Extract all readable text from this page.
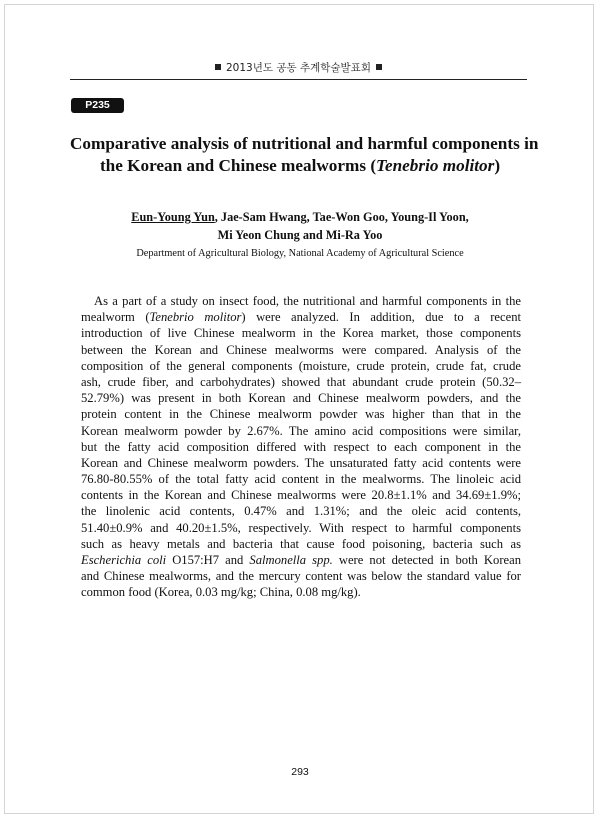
2013년도 공동 추계학술발표회
P235
Comparative analysis of nutritional and harmful components in
the Korean and Chinese mealworms (Tenebrio molitor)
Eun-Young Yun, Jae-Sam Hwang, Tae-Won Goo, Young-Il Yoon,
Mi Yeon Chung and Mi-Ra Yoo
Department of Agricultural Biology, National Academy of Agricultural Science
As a part of a study on insect food, the nutritional and harmful components in the
mealworm (Tenebrio molitor) were analyzed. In addition, due to a recent
introduction of live Chinese mealworm in the Korea market, those components
between the Korean and Chinese mealworms were compared. Analysis of the
composition of the general components (moisture, crude protein, crude fat, crude
ash, crude fiber, and carbohydrates) showed that abundant crude protein (50.32–
52.79%) was present in both Korean and Chinese mealworm powders, and the
protein content in the Chinese mealworm powder was higher than that in the
Korean mealworm powder by 2.67%. The amino acid compositions were similar,
but the fatty acid composition differed with respect to each component in the
Korean and Chinese mealworm powders. The unsaturated fatty acid contents were
76.80-80.55% of the total fatty acid content in the mealworms. The linoleic acid
contents in the Korean and Chinese mealworms were 20.8±1.1% and 34.69±1.9%;
the linolenic acid contents, 0.47% and 1.31%; and the oleic acid contents,
51.40±0.9% and 40.20±1.5%, respectively. With respect to harmful components
such as heavy metals and bacteria that cause food poisoning, bacteria such as
Escherichia coli O157:H7 and Salmonella spp. were not detected in both Korean
and Chinese mealworms, and the mercury content was below the standard value for
common food (Korea, 0.03 mg/kg; China, 0.08 mg/kg).
293
